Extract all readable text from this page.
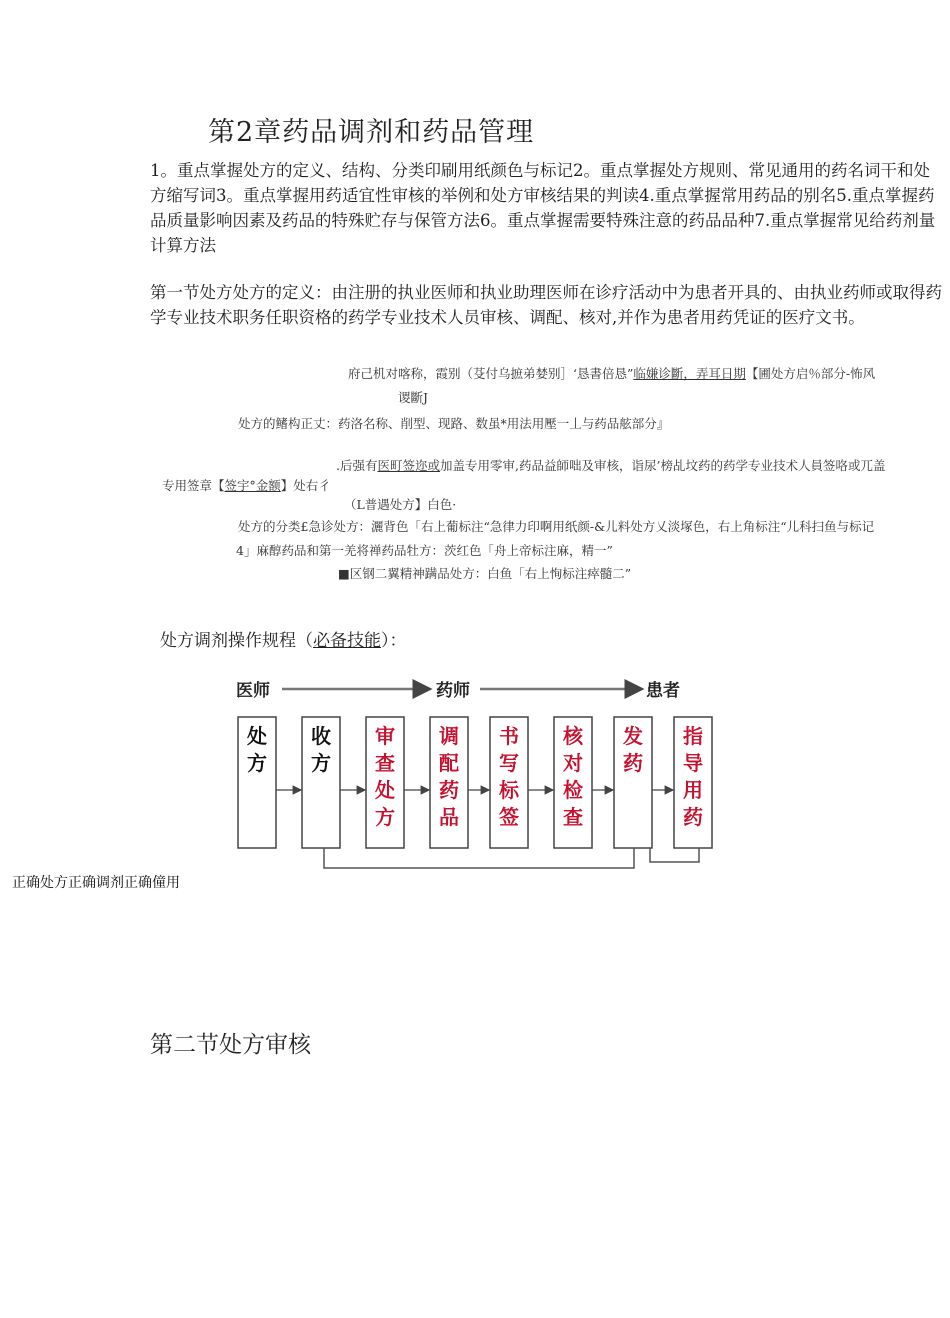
第2章药品调剂和药品管理
1。重点掌握处方的定义、结构、分类印刷用纸颜色与标记2。重点掌握处方规则、常见通用的药名词干和处方缩写词3。重点掌握用药适宜性审核的举例和处方审核结果的判读4.重点掌握常用药品的别名5.重点掌握药品质量影响因素及药品的特殊贮存与保管方法6。重点掌握需要特殊注意的药品品种7.重点掌握常见给药剂量计算方法
第一节处方处方的定义：由注册的执业医师和执业助理医师在诊疗活动中为患者开具的、由执业药师或取得药学专业技术职务任职资格的药学专业技术人员审核、调配、核对,并作为患者用药凭证的医疗文书。
府己机对喀称，霞别（芟付乌摭弟婪别］‘恳書倍恳”临嫌诊斷，弄耳日期【圃处方启％部分-怖风
谡斷J
处方的鳍构正丈：药洛名称、削型、现路、数虽*用法用壓一丄与药品舷部分』
.后强有医町签迩或加盖专用零审,药品益師咄及审核，诣尿’榜乩坟药的药学专业技术人員签咯或兀盖
专用签章【签宇°金额】处右彳
（L普遇处方】白色·
处方的分类£急诊处方：灑背色「右上葡标注“急律力印啊用纸颜-&儿料处方乂淡塚色，右上角标注“儿科扫鱼与标记
4」麻醇药品和第一羌将禅药品牡方：茨红色「舟上帝标注麻，精一”
■区钢二翼精神蹒品处方：白鱼「右上恂标注瘁髓二”
处方调剂操作规程（必备技能）：
医师	药师	患者
处方
收方
审查处方
调配药品
书写标签
核对检查
发药
指导用药
正确处方正确调剂正确僮用
第二节处方审核
